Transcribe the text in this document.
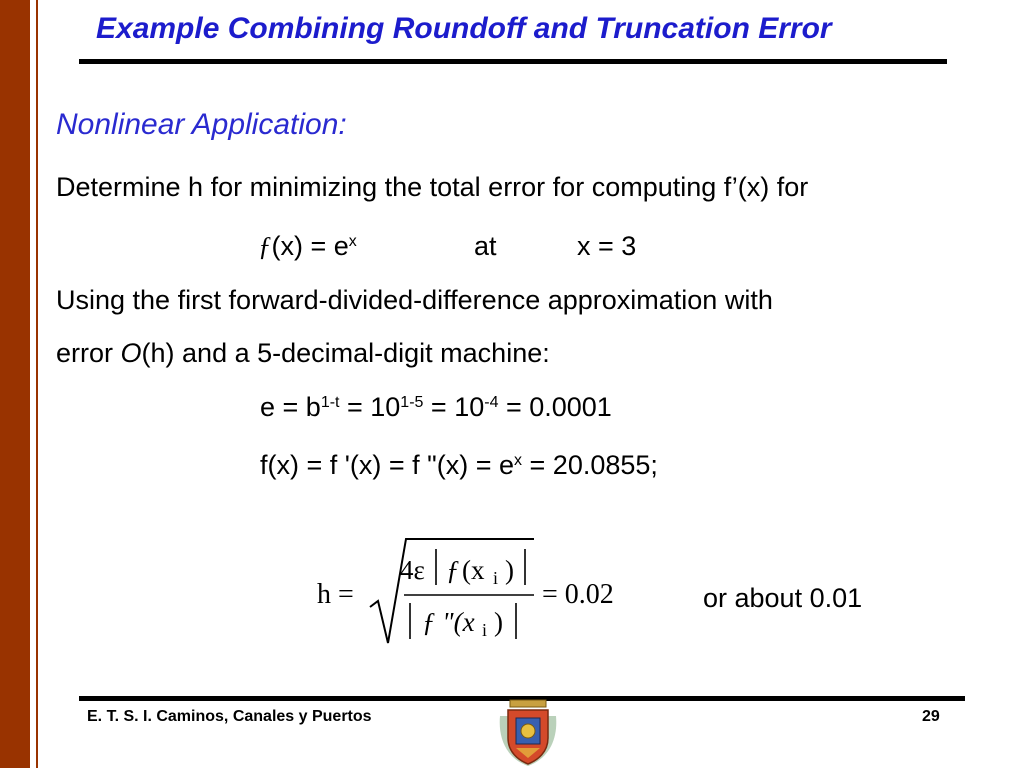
Example Combining Roundoff and Truncation Error
Nonlinear Application:
Determine h for minimizing the total error for computing f’(x) for
ƒ(x) = $e^x$	at	x = 3
Using the first forward-divided-difference approximation with
error O(h) and a 5-decimal-digit machine:
$e = b^{1-t} = 10^{1-5} = 10^{-4} = 0.0001$
f(x) = f '(x) = f "$(x) = e^x = 20.0855$;
h =
4ε ƒ (x i )
ƒ "(x i )
= 0.02	or about 0.01
E. T. S. I. Caminos, Canales y Puertos	29
